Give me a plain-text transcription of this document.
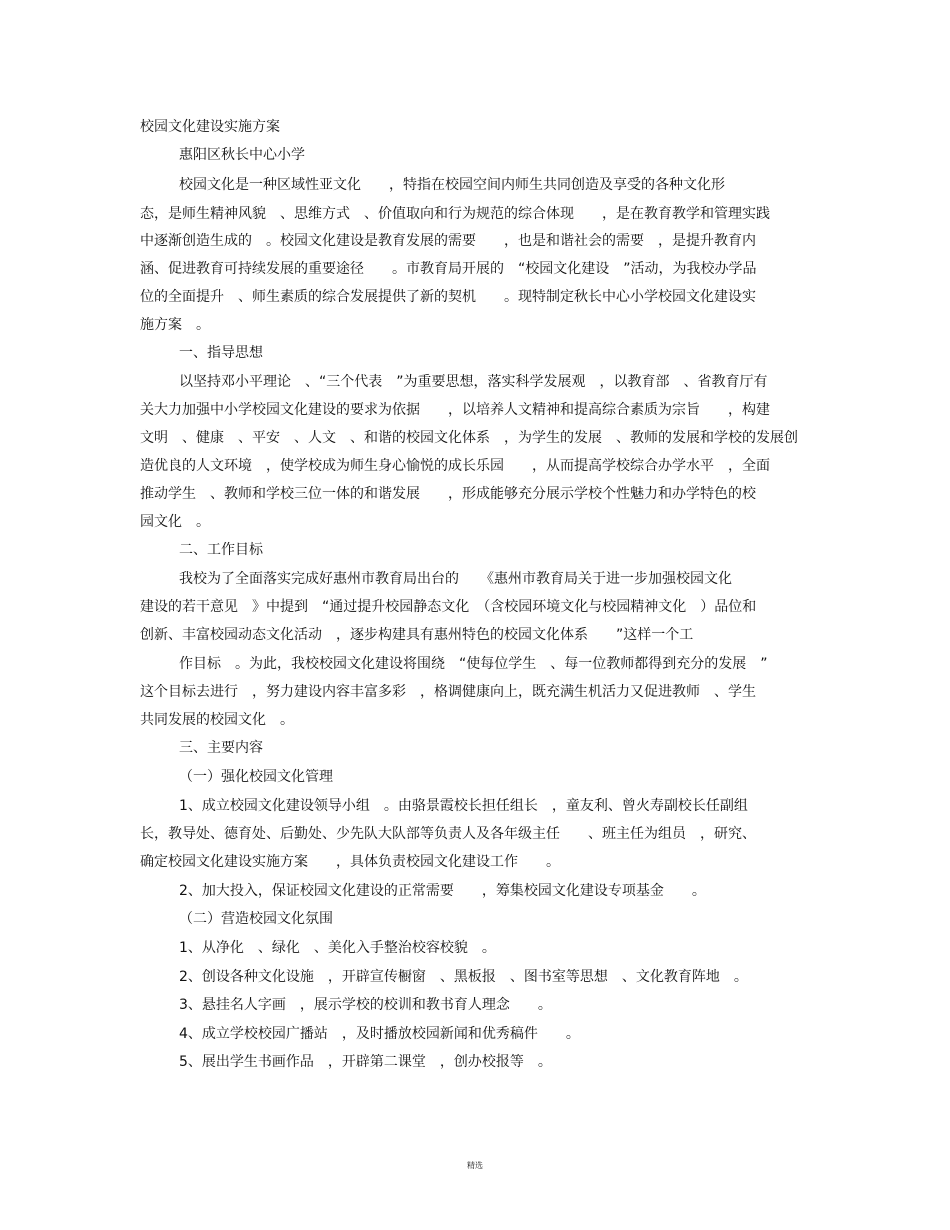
校园文化建设实施方案
惠阳区秋长中心小学
校园文化是一种区域性亚文化　　，特指在校园空间内师生共同创造及享受的各种文化形
态，是师生精神风貌　、思维方式　、价值取向和行为规范的综合体现　　，是在教育教学和管理实践
中逐渐创造生成的　。校园文化建设是教育发展的需要　　，也是和谐社会的需要　，是提升教育内
涵、促进教育可持续发展的重要途径　　。市教育局开展的　“校园文化建设　”活动，为我校办学品
位的全面提升　、师生素质的综合发展提供了新的契机　　。现特制定秋长中心小学校园文化建设实
施方案　。
一、指导思想
以坚持邓小平理论　、“三个代表　”为重要思想，落实科学发展观　，以教育部　、省教育厅有
关大力加强中小学校园文化建设的要求为依据　　，以培养人文精神和提高综合素质为宗旨　　，构建
文明　、健康　、平安　、人文　、和谐的校园文化体系　，为学生的发展　、教师的发展和学校的发展创
造优良的人文环境　，使学校成为师生身心愉悦的成长乐园　　，从而提高学校综合办学水平　，全面
推动学生　、教师和学校三位一体的和谐发展　　，形成能够充分展示学校个性魅力和办学特色的校
园文化　。
二、工作目标
我校为了全面落实完成好惠州市教育局出台的　　《惠州市教育局关于进一步加强校园文化
建设的若干意见　》中提到　“通过提升校园静态文化　（含校园环境文化与校园精神文化　）品位和
创新、丰富校园动态文化活动　，逐步构建具有惠州特色的校园文化体系　　”这样一个工
作目标　。为此，我校校园文化建设将围绕　“使每位学生　、每一位教师都得到充分的发展　”
这个目标去进行　，努力建设内容丰富多彩　，格调健康向上，既充满生机活力又促进教师　、学生
共同发展的校园文化　。
三、主要内容
（一）强化校园文化管理
1、成立校园文化建设领导小组　。由骆景霞校长担任组长　，童友利、曾火寿副校长任副组
长，教导处、德育处、后勤处、少先队大队部等负责人及各年级主任　　、班主任为组员　，研究、
确定校园文化建设实施方案　　，具体负责校园文化建设工作　　。
2、加大投入，保证校园文化建设的正常需要　　，筹集校园文化建设专项基金　　。
（二）营造校园文化氛围
1、从净化　、绿化　、美化入手整治校容校貌　。
2、创设各种文化设施　，开辟宣传橱窗　、黑板报　、图书室等思想　、文化教育阵地　。
3、悬挂名人字画　，展示学校的校训和教书育人理念　　。
4、成立学校校园广播站　，及时播放校园新闻和优秀稿件　　。
5、展出学生书画作品　，开辟第二课堂　，创办校报等　。
精选
